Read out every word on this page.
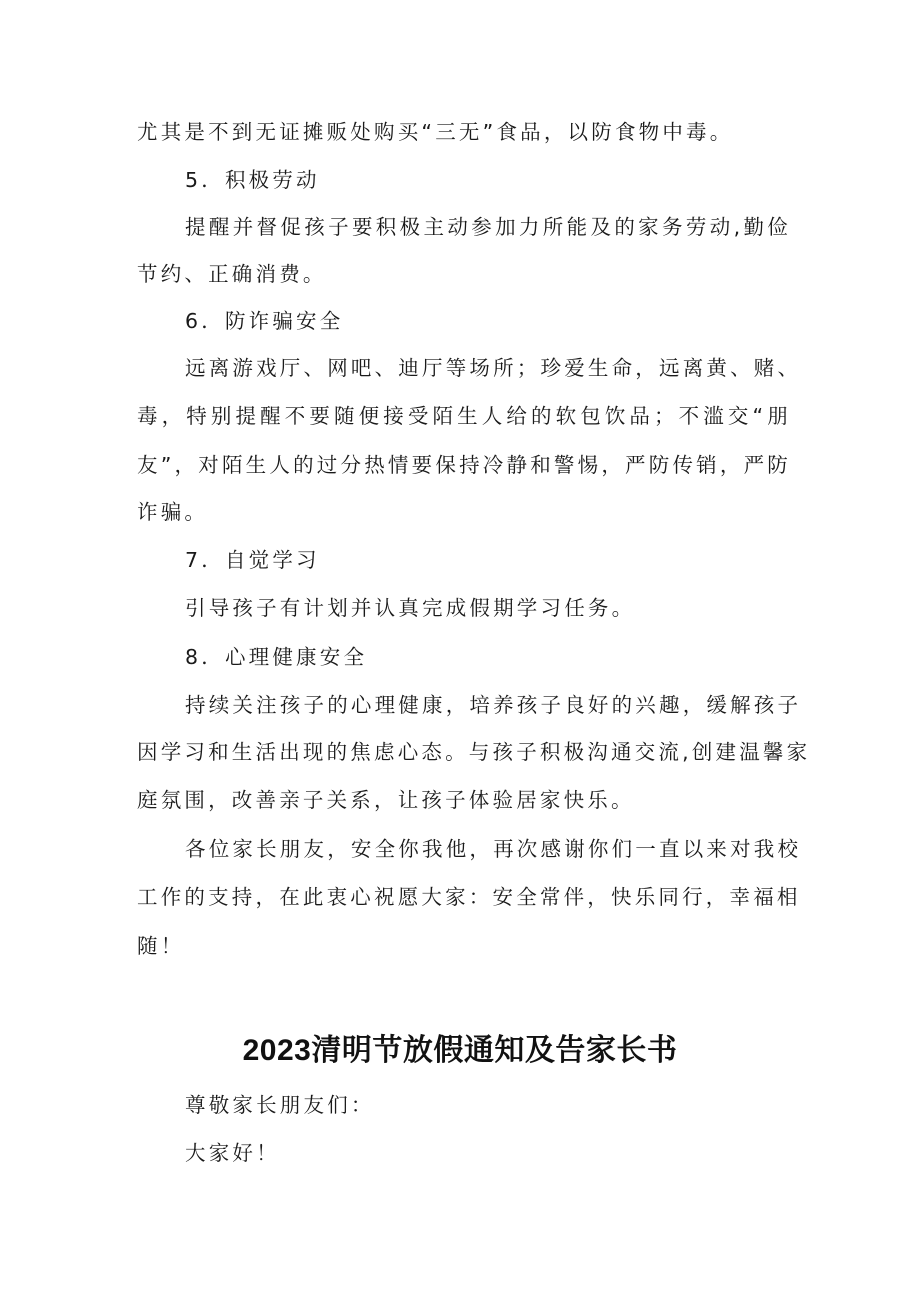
尤其是不到无证摊贩处购买“三无”食品，以防食物中毒。

5．积极劳动

提醒并督促孩子要积极主动参加力所能及的家务劳动,勤俭

节约、正确消费。

6．防诈骗安全

远离游戏厅、网吧、迪厅等场所；珍爱生命，远离黄、赌、

毒，特别提醒不要随便接受陌生人给的软包饮品；不滥交“朋

友”，对陌生人的过分热情要保持冷静和警惕，严防传销，严防

诈骗。

7．自觉学习

引导孩子有计划并认真完成假期学习任务。

8．心理健康安全

持续关注孩子的心理健康，培养孩子良好的兴趣，缓解孩子

因学习和生活出现的焦虑心态。与孩子积极沟通交流,创建温馨家

庭氛围，改善亲子关系，让孩子体验居家快乐。

各位家长朋友，安全你我他，再次感谢你们一直以来对我校

工作的支持，在此衷心祝愿大家：安全常伴，快乐同行，幸福相

随！

2023清明节放假通知及告家长书

尊敬家长朋友们：

大家好！
